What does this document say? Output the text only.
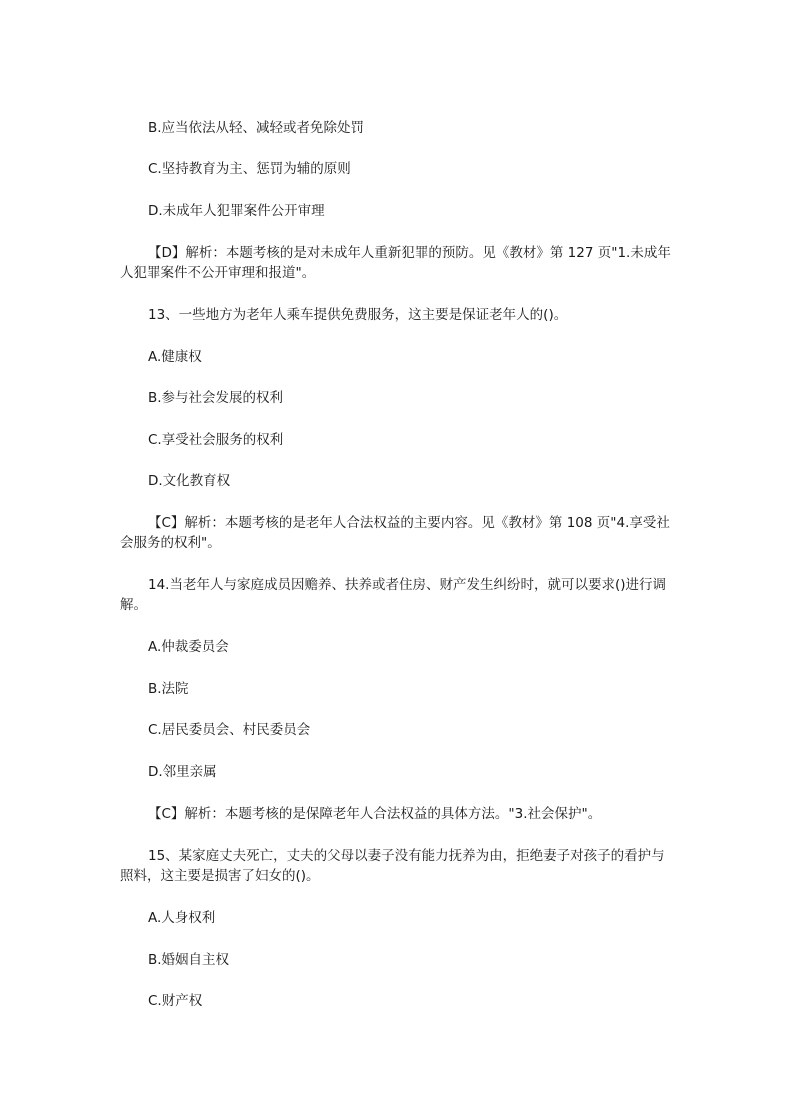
B.应当依法从轻、减轻或者免除处罚

C.坚持教育为主、惩罚为辅的原则

D.未成年人犯罪案件公开审理

【D】解析：本题考核的是对未成年人重新犯罪的预防。见《教材》第 127 页"1.未成年人犯罪案件不公开审理和报道"。

13、一些地方为老年人乘车提供免费服务，这主要是保证老年人的()。

A.健康权

B.参与社会发展的权利

C.享受社会服务的权利

D.文化教育权

【C】解析：本题考核的是老年人合法权益的主要内容。见《教材》第 108 页"4.享受社会服务的权利"。

14.当老年人与家庭成员因赡养、扶养或者住房、财产发生纠纷时，就可以要求()进行调解。

A.仲裁委员会

B.法院

C.居民委员会、村民委员会

D.邻里亲属

【C】解析：本题考核的是保障老年人合法权益的具体方法。"3.社会保护"。

15、某家庭丈夫死亡，丈夫的父母以妻子没有能力抚养为由，拒绝妻子对孩子的看护与照料，这主要是损害了妇女的()。

A.人身权利

B.婚姻自主权

C.财产权
